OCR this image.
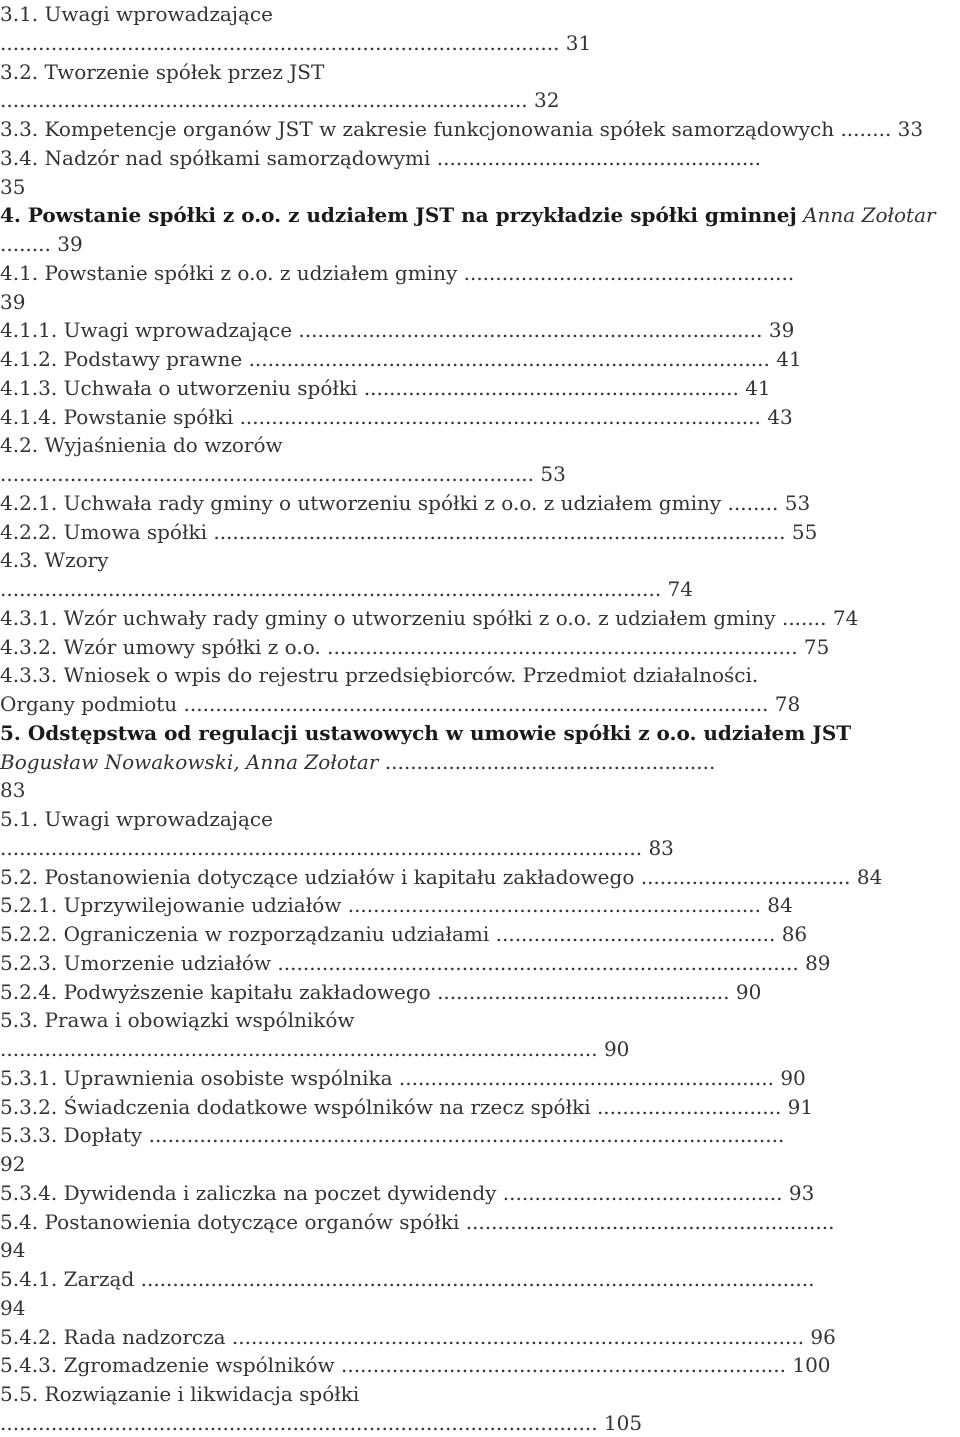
3.1. Uwagi wprowadzające
........................................................................................ 31
3.2. Tworzenie spółek przez JST
................................................................................... 32
3.3. Kompetencje organów JST w zakresie funkcjonowania spółek samorządowych ........ 33
3.4. Nadzór nad spółkami samorządowymi ...................................................
35
4. Powstanie spółki z o.o. z udziałem JST na przykładzie spółki gminnej Anna Zołotar
........ 39
4.1. Powstanie spółki z o.o. z udziałem gminy ....................................................
39
4.1.1. Uwagi wprowadzające ......................................................................... 39
4.1.2. Podstawy prawne .................................................................................. 41
4.1.3. Uchwała o utworzeniu spółki ........................................................... 41
4.1.4. Powstanie spółki .................................................................................. 43
4.2. Wyjaśnienia do wzorów
.................................................................................... 53
4.2.1. Uchwała rady gminy o utworzeniu spółki z o.o. z udziałem gminy ........ 53
4.2.2. Umowa spółki .......................................................................................... 55
4.3. Wzory
........................................................................................................ 74
4.3.1. Wzór uchwały rady gminy o utworzeniu spółki z o.o. z udziałem gminy ....... 74
4.3.2. Wzór umowy spółki z o.o. .......................................................................... 75
4.3.3. Wniosek o wpis do rejestru przedsiębiorców. Przedmiot działalności.
Organy podmiotu ............................................................................................ 78
5. Odstępstwa od regulacji ustawowych w umowie spółki z o.o. udziałem JST
Bogusław Nowakowski, Anna Zołotar ....................................................
83
5.1. Uwagi wprowadzające
..................................................................................................... 83
5.2. Postanowienia dotyczące udziałów i kapitału zakładowego ................................. 84
5.2.1. Uprzywilejowanie udziałów ................................................................. 84
5.2.2. Ograniczenia w rozporządzaniu udziałami ............................................ 86
5.2.3. Umorzenie udziałów .................................................................................. 89
5.2.4. Podwyższenie kapitału zakładowego .............................................. 90
5.3. Prawa i obowiązki wspólników
.............................................................................................. 90
5.3.1. Uprawnienia osobiste wspólnika ........................................................... 90
5.3.2. Świadczenia dodatkowe wspólników na rzecz spółki ............................. 91
5.3.3. Dopłaty ....................................................................................................
92
5.3.4. Dywidenda i zaliczka na poczet dywidendy ............................................ 93
5.4. Postanowienia dotyczące organów spółki ..........................................................
94
5.4.1. Zarząd ..........................................................................................................
94
5.4.2. Rada nadzorcza .......................................................................................... 96
5.4.3. Zgromadzenie wspólników ...................................................................... 100
5.5. Rozwiązanie i likwidacja spółki
.............................................................................................. 105
